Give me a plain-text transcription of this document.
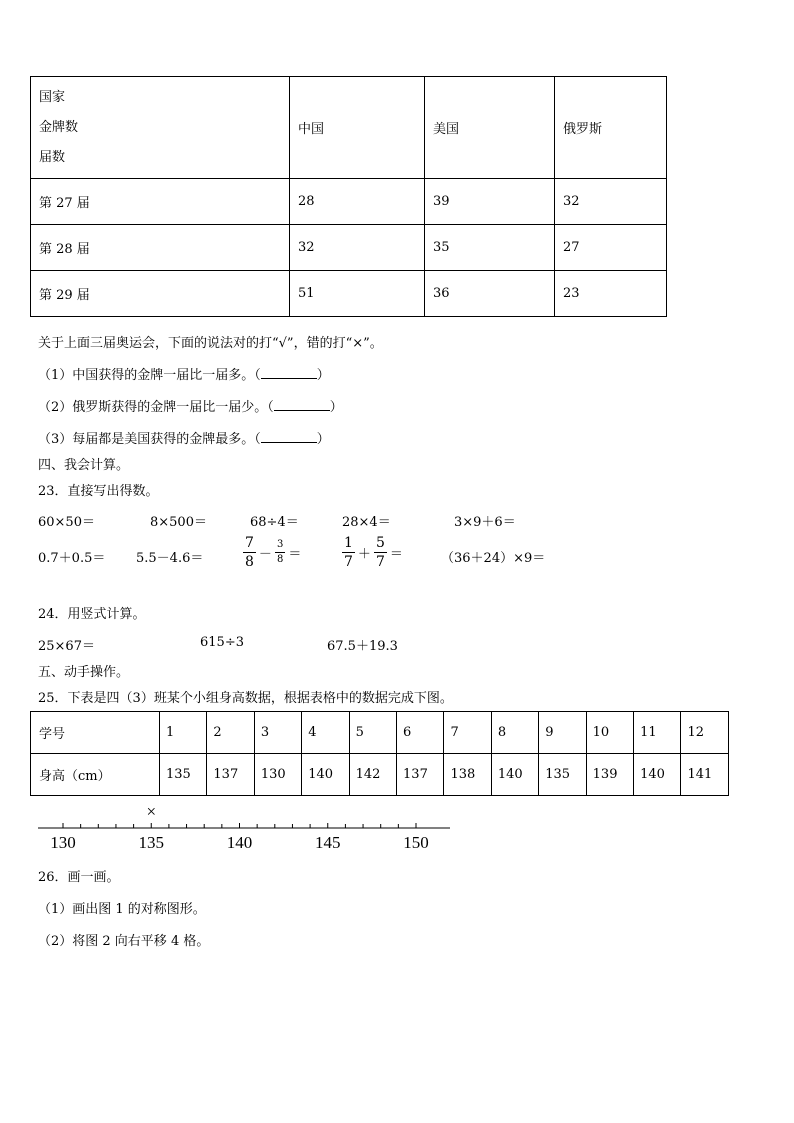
国家
金牌数
届数	中国	美国	俄罗斯
第 27 届	28	39	32
第 28 届	32	35	27
第 29 届	51	36	23
关于上面三届奥运会，下面的说法对的打“√”，错的打“×”。
（1）中国获得的金牌一届比一届多。（	）
（2）俄罗斯获得的金牌一届比一届少。（	）
（3）每届都是美国获得的金牌最多。（	）
四、我会计算。
23．直接写出得数。
60×50＝	8×500＝	68÷4＝	28×4＝	3×9＋6＝
0.7＋0.5＝ 5.5－4.6＝	$\frac{7}{8} - \frac{3}{8}$ ＝	$\frac{1}{7} + \frac{5}{7}$ ＝	（36＋24）×9＝
24．用竖式计算。
25×67＝	615÷3	67.5＋19.3
五、动手操作。
25．下表是四（3）班某个小组身高数据，根据表格中的数据完成下图。
学号	1	2	3	4	5	6	7	8	9	10	11	12
身高（cm）	135	137	130	140	142	137	138	140	135	139	140	141
130	135	140	145	150
×
26．画一画。
（1）画出图 1 的对称图形。
（2）将图 2 向右平移 4 格。
